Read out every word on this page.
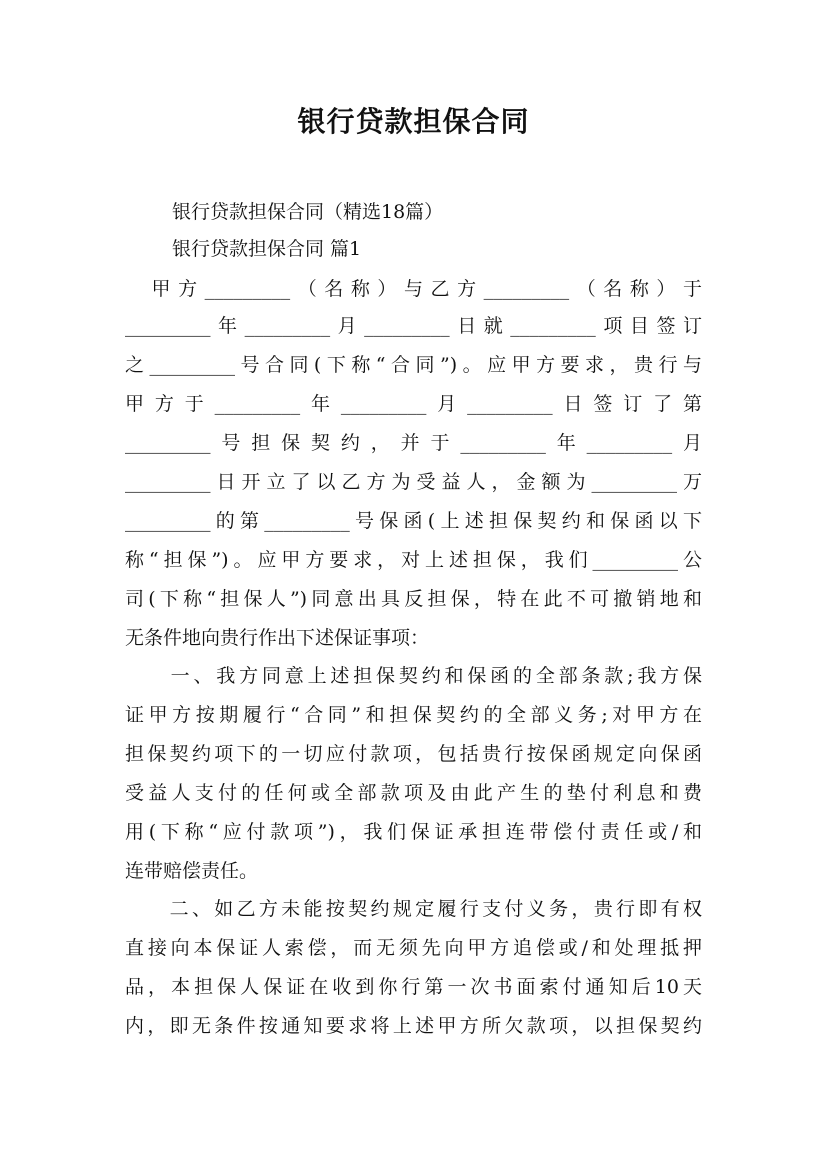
银行贷款担保合同

银行贷款担保合同（精选18篇）

银行贷款担保合同 篇1

　甲方_________（名称）与乙方_________（名称）于

_________年_________月_________日就_________项目签订

之_________号合同(下称“合同”)。应甲方要求，贵行与

甲方于_________年_________月_________日签订了第

_________号担保契约，并于_________年_________月

_________日开立了以乙方为受益人，金额为_________万

_________的第_________号保函(上述担保契约和保函以下

称“担保”)。应甲方要求，对上述担保，我们_________公

司(下称“担保人”)同意出具反担保，特在此不可撤销地和

无条件地向贵行作出下述保证事项：

　　一、我方同意上述担保契约和保函的全部条款;我方保

证甲方按期履行“合同”和担保契约的全部义务;对甲方在

担保契约项下的一切应付款项，包括贵行按保函规定向保函

受益人支付的任何或全部款项及由此产生的垫付利息和费

用(下称“应付款项”)，我们保证承担连带偿付责任或/和

连带赔偿责任。

　　二、如乙方未能按契约规定履行支付义务，贵行即有权

直接向本保证人索偿，而无须先向甲方追偿或/和处理抵押

品，本担保人保证在收到你行第一次书面索付通知后10天

内，即无条件按通知要求将上述甲方所欠款项，以担保契约
